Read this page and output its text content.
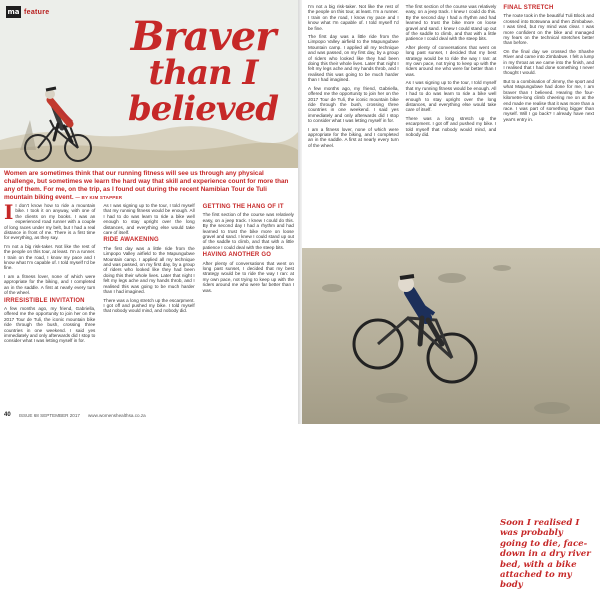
ma feature
Braver
than I
believed
Women are sometimes think that our running fitness will see us through any physical challenge, but sometimes we learn the hard way that skill and experience count for more than any of them. For me, on the trip, as I found out during the recent Namibian Tour de Tuli mountain biking event. — BY KIM STAPPER

I I don't know how to ride a mountain bike. I took it on anyway, with one of the clients on my books. I was an experienced road runner with a couple of long races under my belt, but I had a real distance in front of me. There is a first time for everything, as they say.

I'm not a big risk-taker. Not like the rest of the people on this tour, at least. I'm a runner. I train on the road, I know my pace and I know what I'm capable of. I told myself I'd be fine.

I am a fitness lover, none of which were appropriate for the biking, and I completed an in the saddle. A first at nearly every turn of the wheel.

IRRESISTIBLE INVITATION

A few months ago, my friend, Gabriella, offered me the opportunity to join her on the 2017 Tour de Tuli, the iconic mountain bike ride through the bush, crossing three countries in one weekend. I said yes immediately and only afterwards did I stop to consider what I was letting myself in for.

As I was signing up to the tour, I told myself that my running fitness would be enough. All I had to do was learn to ride a bike well enough to stay upright over the long distances, and everything else would take care of itself.

RIDE AWAKENING

The first day was a little ride from the Limpopo Valley airfield to the Mapungubwe Mountain camp. I applied all my technique and was passed, on my first day, by a group of riders who looked like they had been doing this their whole lives. Later that night I felt my legs ache and my hands throb, and I realised this was going to be much harder than I had imagined.

There was a long stretch up the escarpment. I got off and pushed my bike. I told myself that nobody would mind, and nobody did.

GETTING THE HANG OF IT

The first section of the course was relatively easy, on a jeep track. I knew I could do this. By the second day I had a rhythm and had learned to trust the bike more on loose gravel and sand. I knew I could stand up out of the saddle to climb, and that with a little patience I could deal with the steep bits.

HAVING ANOTHER GO

After plenty of conversations that went on long past sunset, I decided that my best strategy would be to ride the way I ran: at my own pace, not trying to keep up with the riders around me who were far better than I was.

40 ISSUE 68 SEPTEMBER 2017 www.womenshealthsa.co.za

I'm not a big risk-taker. Not like the rest of the people on this tour, at least. I'm a runner. I train on the road, I know my pace and I know what I'm capable of. I told myself I'd be fine.

The first day was a little ride from the Limpopo Valley airfield to the Mapungubwe Mountain camp. I applied all my technique and was passed, on my first day, by a group of riders who looked like they had been doing this their whole lives. Later that night I felt my legs ache and my hands throb, and I realised this was going to be much harder than I had imagined.

A few months ago, my friend, Gabriella, offered me the opportunity to join her on the 2017 Tour de Tuli, the iconic mountain bike ride through the bush, crossing three countries in one weekend. I said yes immediately and only afterwards did I stop to consider what I was letting myself in for.

I am a fitness lover, none of which were appropriate for the biking, and I completed an in the saddle. A first at nearly every turn of the wheel.

The first section of the course was relatively easy, on a jeep track. I knew I could do this. By the second day I had a rhythm and had learned to trust the bike more on loose gravel and sand. I knew I could stand up out of the saddle to climb, and that with a little patience I could deal with the steep bits.

After plenty of conversations that went on long past sunset, I decided that my best strategy would be to ride the way I ran: at my own pace, not trying to keep up with the riders around me who were far better than I was.

As I was signing up to the tour, I told myself that my running fitness would be enough. All I had to do was learn to ride a bike well enough to stay upright over the long distances, and everything else would take care of itself.

There was a long stretch up the escarpment. I got off and pushed my bike. I told myself that nobody would mind, and nobody did.

FINAL STRETCH

The route took in the beautiful Tuli Block and crossed into Botswana and then Zimbabwe. I was tired, but my mind was clear. I was more confident on the bike and managed my fears on the technical stretches better than before.

On the final day we crossed the Shashe River and came into Zimbabwe. I felt a lump in my throat as we came into the finish, and I realised that I had done something I never thought I would.

But to a combination of Jimmy, the sport and what Mapungubwe had done for me, I am braver than I believed. Hearing the four-kilometre-long climb cheering me on at the end made me realise that it was more than a race. I was part of something bigger than myself. Will I go back? I already have next year's entry in.

Soon I realised I was probably going to die, face-down in a dry river bed, with a bike attached to my body
